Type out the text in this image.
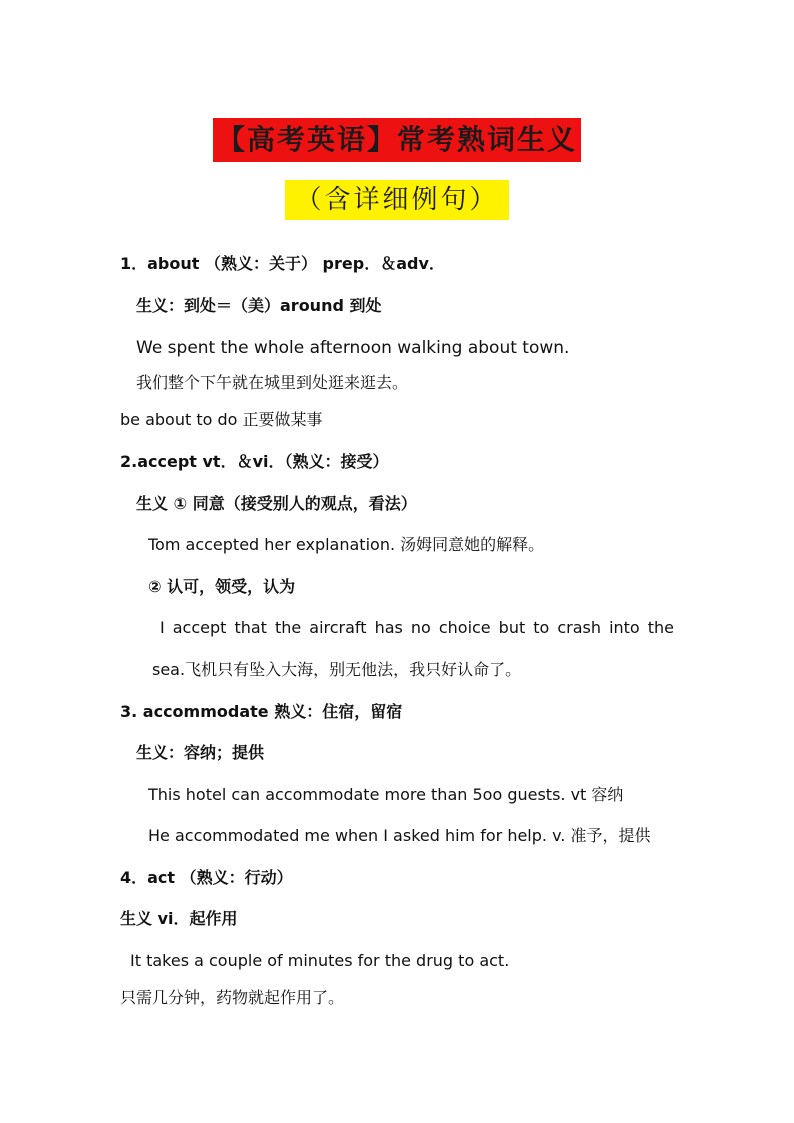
【高考英语】常考熟词生义
（含详细例句）
1．about （熟义：关于） prep．＆adv．
生义：到处＝（美）around 到处
We spent the whole afternoon walking about town.
我们整个下午就在城里到处逛来逛去。
be about to do 正要做某事
2.accept vt．＆vi．（熟义：接受）
生义 ① 同意（接受别人的观点，看法）
Tom accepted her explanation. 汤姆同意她的解释。
② 认可，领受，认为
I accept that the aircraft has no choice but to crash into the
sea.飞机只有坠入大海，别无他法，我只好认命了。
3. accommodate 熟义：住宿，留宿
生义：容纳；提供
This hotel can accommodate more than 5oo guests. vt 容纳
He accommodated me when I asked him for help. v. 准予，提供
4．act （熟义：行动）
生义 vi．起作用
It takes a couple of minutes for the drug to act.
只需几分钟，药物就起作用了。
